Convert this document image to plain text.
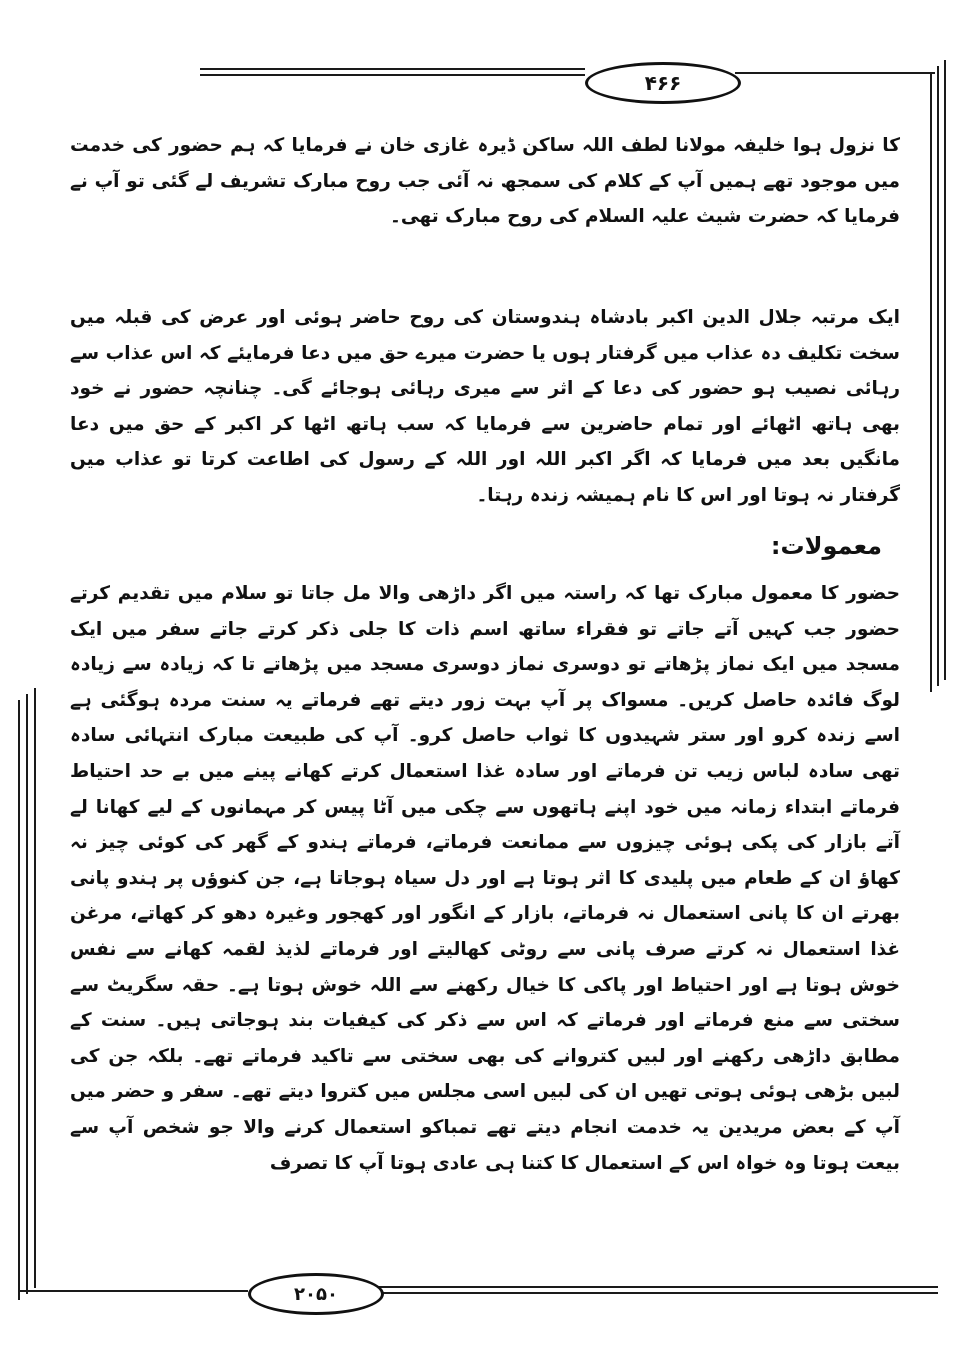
۴۶۶

کا نزول ہوا خلیفہ مولانا لطف اللہ ساکن ڈیرہ غازی خان نے فرمایا کہ ہم حضور کی خدمت میں موجود تھے ہمیں آپ کے کلام کی سمجھ نہ آئی جب روح مبارک تشریف لے گئی تو آپ نے فرمایا کہ حضرت شیث علیہ السلام کی روح مبارک تھی۔

ایک مرتبہ جلال الدین اکبر بادشاہ ہندوستان کی روح حاضر ہوئی اور عرض کی قبلہ میں سخت تکلیف دہ عذاب میں گرفتار ہوں یا حضرت میرے حق میں دعا فرمایئے کہ اس عذاب سے رہائی نصیب ہو حضور کی دعا کے اثر سے میری رہائی ہوجائے گی۔ چنانچہ حضور نے خود بھی ہاتھ اٹھائے اور تمام حاضرین سے فرمایا کہ سب ہاتھ اٹھا کر اکبر کے حق میں دعا مانگیں بعد میں فرمایا کہ اگر اکبر اللہ اور اللہ کے رسول کی اطاعت کرتا تو عذاب میں گرفتار نہ ہوتا اور اس کا نام ہمیشہ زندہ رہتا۔

معمولات:

حضور کا معمول مبارک تھا کہ راستہ میں اگر داڑھی والا مل جاتا تو سلام میں تقدیم کرتے حضور جب کہیں آتے جاتے تو فقراء ساتھ اسم ذات کا جلی ذکر کرتے جاتے سفر میں ایک مسجد میں ایک نماز پڑھاتے تو دوسری نماز دوسری مسجد میں پڑھاتے تا کہ زیادہ سے زیادہ لوگ فائدہ حاصل کریں۔ مسواک پر آپ بہت زور دیتے تھے فرماتے یہ سنت مردہ ہوگئی ہے اسے زندہ کرو اور ستر شہیدوں کا ثواب حاصل کرو۔ آپ کی طبیعت مبارک انتہائی سادہ تھی سادہ لباس زیب تن فرماتے اور سادہ غذا استعمال کرتے کھانے پینے میں بے حد احتیاط فرماتے ابتداء زمانہ میں خود اپنے ہاتھوں سے چکی میں آٹا پیس کر مہمانوں کے لیے کھانا لے آتے بازار کی پکی ہوئی چیزوں سے ممانعت فرماتے، فرماتے ہندو کے گھر کی کوئی چیز نہ کھاؤ ان کے طعام میں پلیدی کا اثر ہوتا ہے اور دل سیاہ ہوجاتا ہے، جن کنوؤں پر ہندو پانی بھرتے ان کا پانی استعمال نہ فرماتے، بازار کے انگور اور کھجور وغیرہ دھو کر کھاتے، مرغن غذا استعمال نہ کرتے صرف پانی سے روٹی کھالیتے اور فرماتے لذیذ لقمہ کھانے سے نفس خوش ہوتا ہے اور احتیاط اور پاکی کا خیال رکھنے سے اللہ خوش ہوتا ہے۔ حقہ سگریٹ سے سختی سے منع فرماتے اور فرماتے کہ اس سے ذکر کی کیفیات بند ہوجاتی ہیں۔ سنت کے مطابق داڑھی رکھنے اور لبیں کتروانے کی بھی سختی سے تاکید فرماتے تھے۔ بلکہ جن کی لبیں بڑھی ہوئی ہوتی تھیں ان کی لبیں اسی مجلس میں کتروا دیتے تھے۔ سفر و حضر میں آپ کے بعض مریدین یہ خدمت انجام دیتے تھے تمباکو استعمال کرنے والا جو شخص آپ سے بیعت ہوتا وہ خواہ اس کے استعمال کا کتنا ہی عادی ہوتا آپ کا تصرف

۲۰۵۰
